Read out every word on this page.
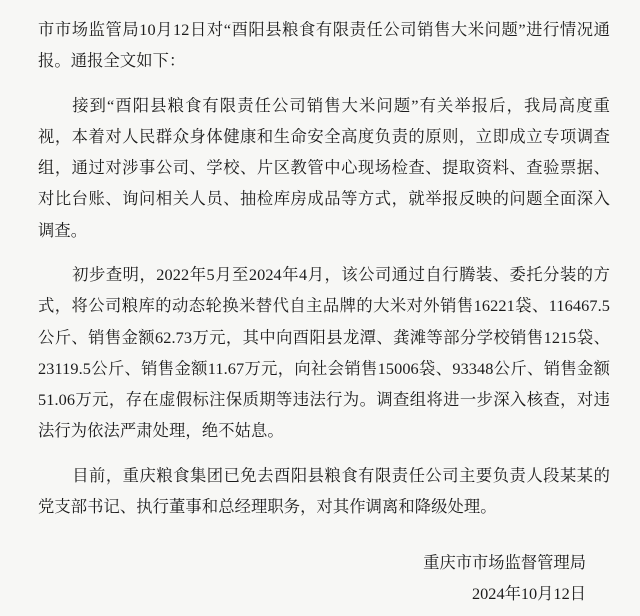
市市场监管局10月12日对“酉阳县粮食有限责任公司销售大米问题”进行情况通报。通报全文如下：

接到“酉阳县粮食有限责任公司销售大米问题”有关举报后，我局高度重视，本着对人民群众身体健康和生命安全高度负责的原则，立即成立专项调查组，通过对涉事公司、学校、片区教管中心现场检查、提取资料、查验票据、对比台账、询问相关人员、抽检库房成品等方式，就举报反映的问题全面深入调查。

初步查明，2022年5月至2024年4月，该公司通过自行腾装、委托分装的方式，将公司粮库的动态轮换米替代自主品牌的大米对外销售16221袋、116467.5公斤、销售金额62.73万元，其中向酉阳县龙潭、龚滩等部分学校销售1215袋、23119.5公斤、销售金额11.67万元，向社会销售15006袋、93348公斤、销售金额51.06万元，存在虚假标注保质期等违法行为。调查组将进一步深入核查，对违法行为依法严肃处理，绝不姑息。

目前，重庆粮食集团已免去酉阳县粮食有限责任公司主要负责人段某某的党支部书记、执行董事和总经理职务，对其作调离和降级处理。

重庆市市场监督管理局
2024年10月12日
